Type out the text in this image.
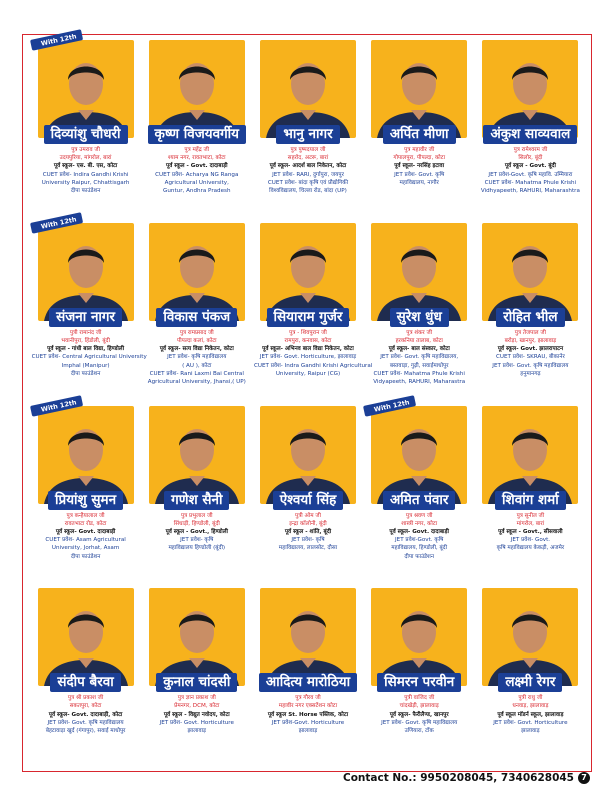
With 12th
दिव्यांशु चौधरी
पुत्र उमराव जी
उदयपुरिया, मांगरोल, बारां
पूर्व स्कूल- एस. बी. एस, कोटा
CUET प्रवेश- Indira Gandhi Krishi
University Raipur, Chhattisgarh
दीपा फाउंडेशन
कृष्ण विजयवर्गीय
पुत्र महेंद्र जी
श्याम नगर, रावतभाटा, कोटा
पूर्व स्कूल - Govt. दादाबाड़ी
CUET प्रवेश- Acharya NG Ranga
Agricultural University,
Guntur, Andhra Pradesh
भानु नागर
पुत्र पुष्पदयाल जी
सहरोद, अटरू, बारां
पूर्व स्कूल- आदर्श बाल निकेतन, कोटा
JET प्रवेश- RARI, दुर्गापुरा, जयपुर
CUET प्रवेश- बांदा कृषि एवं प्रौद्योगिकी
विश्वविद्यालय, चिल्ला रोड, बांदा (UP)
अर्पित मीणा
पुत्र महावीर जी
गोपालपुरा, पीपल्दा, कोटा
पूर्व स्कूल- नरसिंह इटावा
JET प्रवेश- Govt. कृषि
महाविद्यालय, नागौर
अंकुश साव्यवाल
पुत्र रामेश्वरम जी
सिलोर, बूंदी
पूर्व स्कूल - Govt. बूंदी
JET प्रवेश-Govt. कृषि महावि. उम्मियारा
CUET प्रवेश- Mahatma Phule Krishi
Vidhyapeeth, RAHURI, Maharashtra
With 12th
संजना नागर
पुत्री रामानंद जी
भवानीपुरा, हिंडोली, बूंदी
पूर्व स्कूल - गांधी बाल विद्या, हिण्डोली
CUET प्रवेश- Central Agricultural University
Imphal (Manipur)
दीपा फाउंडेशन
विकास पंकज
पुत्र रामप्रसाद जी
पीपल्दा कलां, कोटा
पूर्व स्कूल- सत्य विद्या निकेतन, कोटा
JET प्रवेश- कृषि महाविद्यालय
( AU ), कोटा
CUET प्रवेश- Rani Laxmi Bai Central
Agricultural University, Jhansi,( UP)
सियाराम गुर्जर
पुत्र - शिवपुरान जी
रामपुरा, कनवास, कोटा
पूर्व स्कूल- अभिनव बाल विद्या निकेतन, कोटा
JET प्रवेश- Govt. Horticulture, झालावाड़
CUET प्रवेश- Indra Gandhi Krishi Agricultural
University, Raipur (CG)
सुरेश धुंध
पुत्र शंकर जी
हरकनिया तालाब, कोटा
पूर्व स्कूल- बाल संस्कार, कोटा
JET प्रवेश- Govt. कृषि महाविद्यालय,
बस्तवाड़ा, गुढ़ी, सवाईमाधोपुर
CUET प्रवेश- Mahatma Phule Krishi
Vidyapeeth, RAHURI, Maharastra
रोहित भील
पुत्र तेजपाल जी
बरोड़ा, खानपुर, झालावाड़
पूर्व स्कूल- Govt. झालरापाटन
CUET प्रवेश- SKRAU, बीकानेर
JET प्रवेश- Govt. कृषि महाविद्यालय
हनुमानगढ़
With 12th
प्रियांशु सुमन
पुत्र कन्हैयालाल जी
रावतभाटा रोड, कोटा
पूर्व स्कूल- Govt. दादाबाड़ी
CUET प्रवेश- Asam Agricultural
University, Jorhat, Asam
दीपा फाउंडेशन
गणेश सैनी
पुत्र प्रभुलाल जी
सिंधाड़ी, हिण्डोली, बूंदी
पूर्व स्कूल - Govt., हिण्डोली
JET प्रवेश- कृषि
महाविद्यालय हिण्डोली (बूंदी)
ऐश्वर्या सिंह
पुत्री ओम जी
इन्द्रा कॉलोनी, बूंदी
पूर्व स्कूल - शांति, बूंदी
JET प्रवेश- कृषि
महाविद्यालय, लालसोट, दौसा
With 12th
अमित पंवार
पुत्र श्रवण जी
शास्त्री नगर, कोटा
पूर्व स्कूल- Govt. दादाबाड़ी
JET प्रवेश-Govt. कृषि
महाविद्यालय, हिण्डोली, बूंदी
दीपा फाउंडेशन
शिवांग शर्मा
पुत्र सुनील जी
मांगरोल, बारां
पूर्व स्कूल - Govt., सीसवाली
JET प्रवेश- Govt.
कृषि महाविद्यालय केकड़ी, अजमेर
संदीप बैरवा
पुत्र श्री प्रकाश जी
सकतपुरा, कोटा
पूर्व स्कूल- Govt. दादाबाड़ी, कोटा
JET प्रवेश- Govt. कृषि महाविद्यालय
बेहटावाड़ा खुर्द (गंगापुर), सवाई माधोपुर
कुनाल चांदसी
पुत्र ज्ञान प्रकाश जी
प्रेमनगर, DCM, कोटा
पूर्व स्कूल - विद्युत नवोदय, कोटा
JET प्रवेश- Govt. Horticulture
झालावाड़
आदित्य मारोठिया
पुत्र गौरव जी
महावीर नगर एक्सटेंशन कोटा
पूर्व स्कूल St. Horse पब्लिक, कोटा
JET प्रवेश-Govt. Horticulture
झालावाड़
सिमरन परवीन
पुत्री वाजिद जी
चांदखेड़ी, झालावाड़
पूर्व स्कूल- फैरीलैण्ड, खानपुर
JET प्रवेश- Govt. कृषि महाविद्यालय
उणियारा, टोंक
लक्ष्मी रेगर
पुत्री राधु जी
धनवाड़, झालावाड़
पूर्व स्कूल मॉडर्न स्कूल, झालावाड़
JET प्रवेश- Govt. Horticulture
झालावाड़
Contact No.: 9950208045, 7340628045 7
